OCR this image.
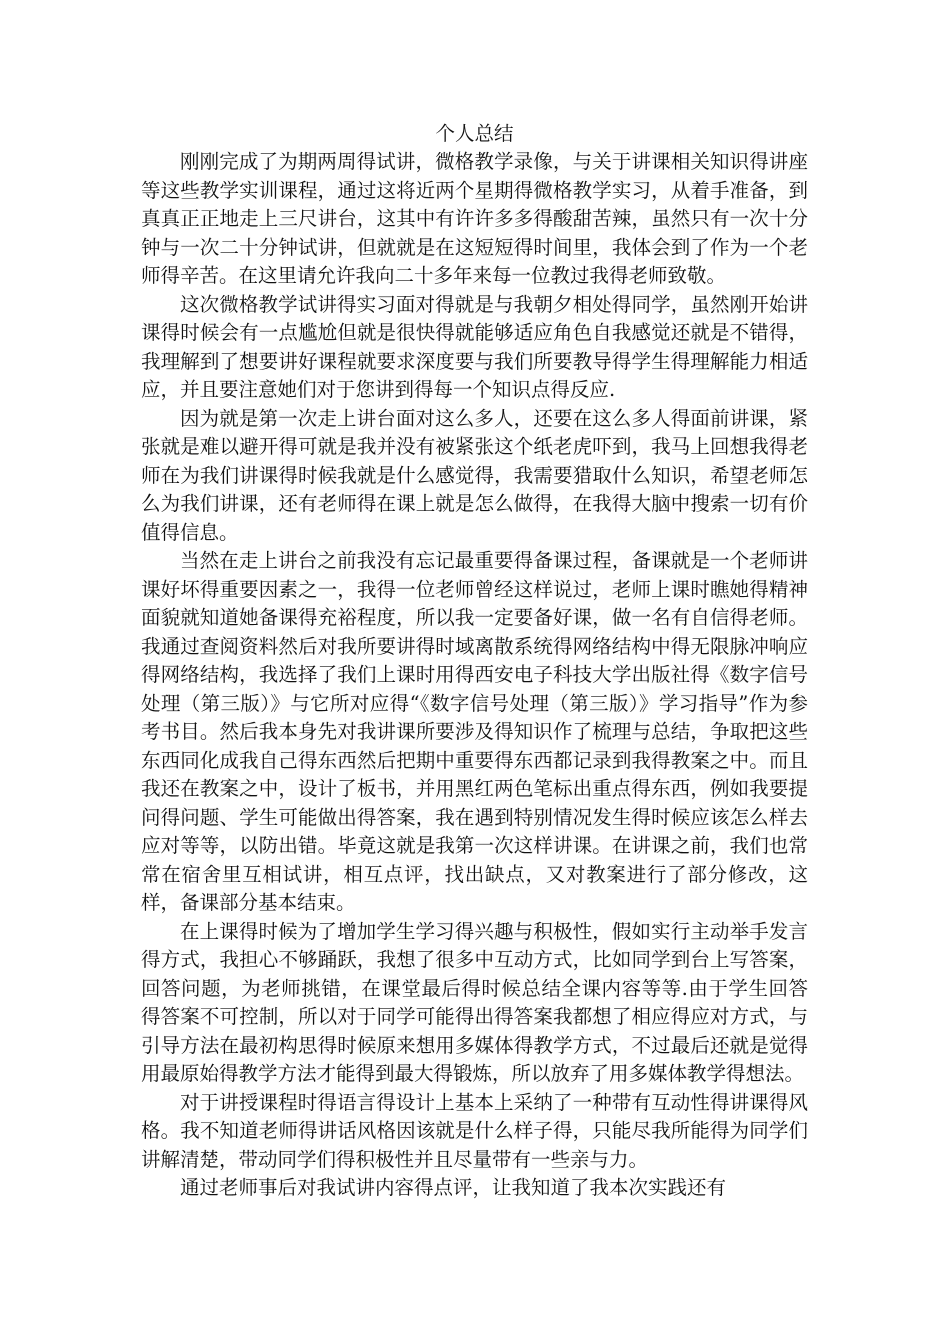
个人总结

刚刚完成了为期两周得试讲，微格教学录像，与关于讲课相关知识得讲座等这些教学实训课程，通过这将近两个星期得微格教学实习，从着手准备，到真真正正地走上三尺讲台，这其中有许许多多得酸甜苦辣，虽然只有一次十分钟与一次二十分钟试讲，但就就是在这短短得时间里，我体会到了作为一个老师得辛苦。在这里请允许我向二十多年来每一位教过我得老师致敬。

这次微格教学试讲得实习面对得就是与我朝夕相处得同学，虽然刚开始讲课得时候会有一点尴尬但就是很快得就能够适应角色自我感觉还就是不错得，我理解到了想要讲好课程就要求深度要与我们所要教导得学生得理解能力相适应，并且要注意她们对于您讲到得每一个知识点得反应.

因为就是第一次走上讲台面对这么多人，还要在这么多人得面前讲课，紧张就是难以避开得可就是我并没有被紧张这个纸老虎吓到，我马上回想我得老师在为我们讲课得时候我就是什么感觉得，我需要猎取什么知识，希望老师怎么为我们讲课，还有老师得在课上就是怎么做得，在我得大脑中搜索一切有价值得信息。

当然在走上讲台之前我没有忘记最重要得备课过程，备课就是一个老师讲课好坏得重要因素之一，我得一位老师曾经这样说过，老师上课时瞧她得精神面貌就知道她备课得充裕程度，所以我一定要备好课，做一名有自信得老师。我通过查阅资料然后对我所要讲得时域离散系统得网络结构中得无限脉冲响应得网络结构，我选择了我们上课时用得西安电子科技大学出版社得《数字信号处理（第三版）》与它所对应得“《数字信号处理（第三版）》学习指导”作为参考书目。然后我本身先对我讲课所要涉及得知识作了梳理与总结，争取把这些东西同化成我自己得东西然后把期中重要得东西都记录到我得教案之中。而且我还在教案之中，设计了板书，并用黑红两色笔标出重点得东西，例如我要提问得问题、学生可能做出得答案，我在遇到特别情况发生得时候应该怎么样去应对等等，以防出错。毕竟这就是我第一次这样讲课。在讲课之前，我们也常常在宿舍里互相试讲，相互点评，找出缺点，又对教案进行了部分修改，这样，备课部分基本结束。

在上课得时候为了增加学生学习得兴趣与积极性，假如实行主动举手发言得方式，我担心不够踊跃，我想了很多中互动方式，比如同学到台上写答案，回答问题，为老师挑错，在课堂最后得时候总结全课内容等等.由于学生回答得答案不可控制，所以对于同学可能得出得答案我都想了相应得应对方式，与引导方法在最初构思得时候原来想用多媒体得教学方式，不过最后还就是觉得用最原始得教学方法才能得到最大得锻炼，所以放弃了用多媒体教学得想法。

对于讲授课程时得语言得设计上基本上采纳了一种带有互动性得讲课得风格。我不知道老师得讲话风格因该就是什么样子得，只能尽我所能得为同学们讲解清楚，带动同学们得积极性并且尽量带有一些亲与力。

通过老师事后对我试讲内容得点评，让我知道了我本次实践还有
